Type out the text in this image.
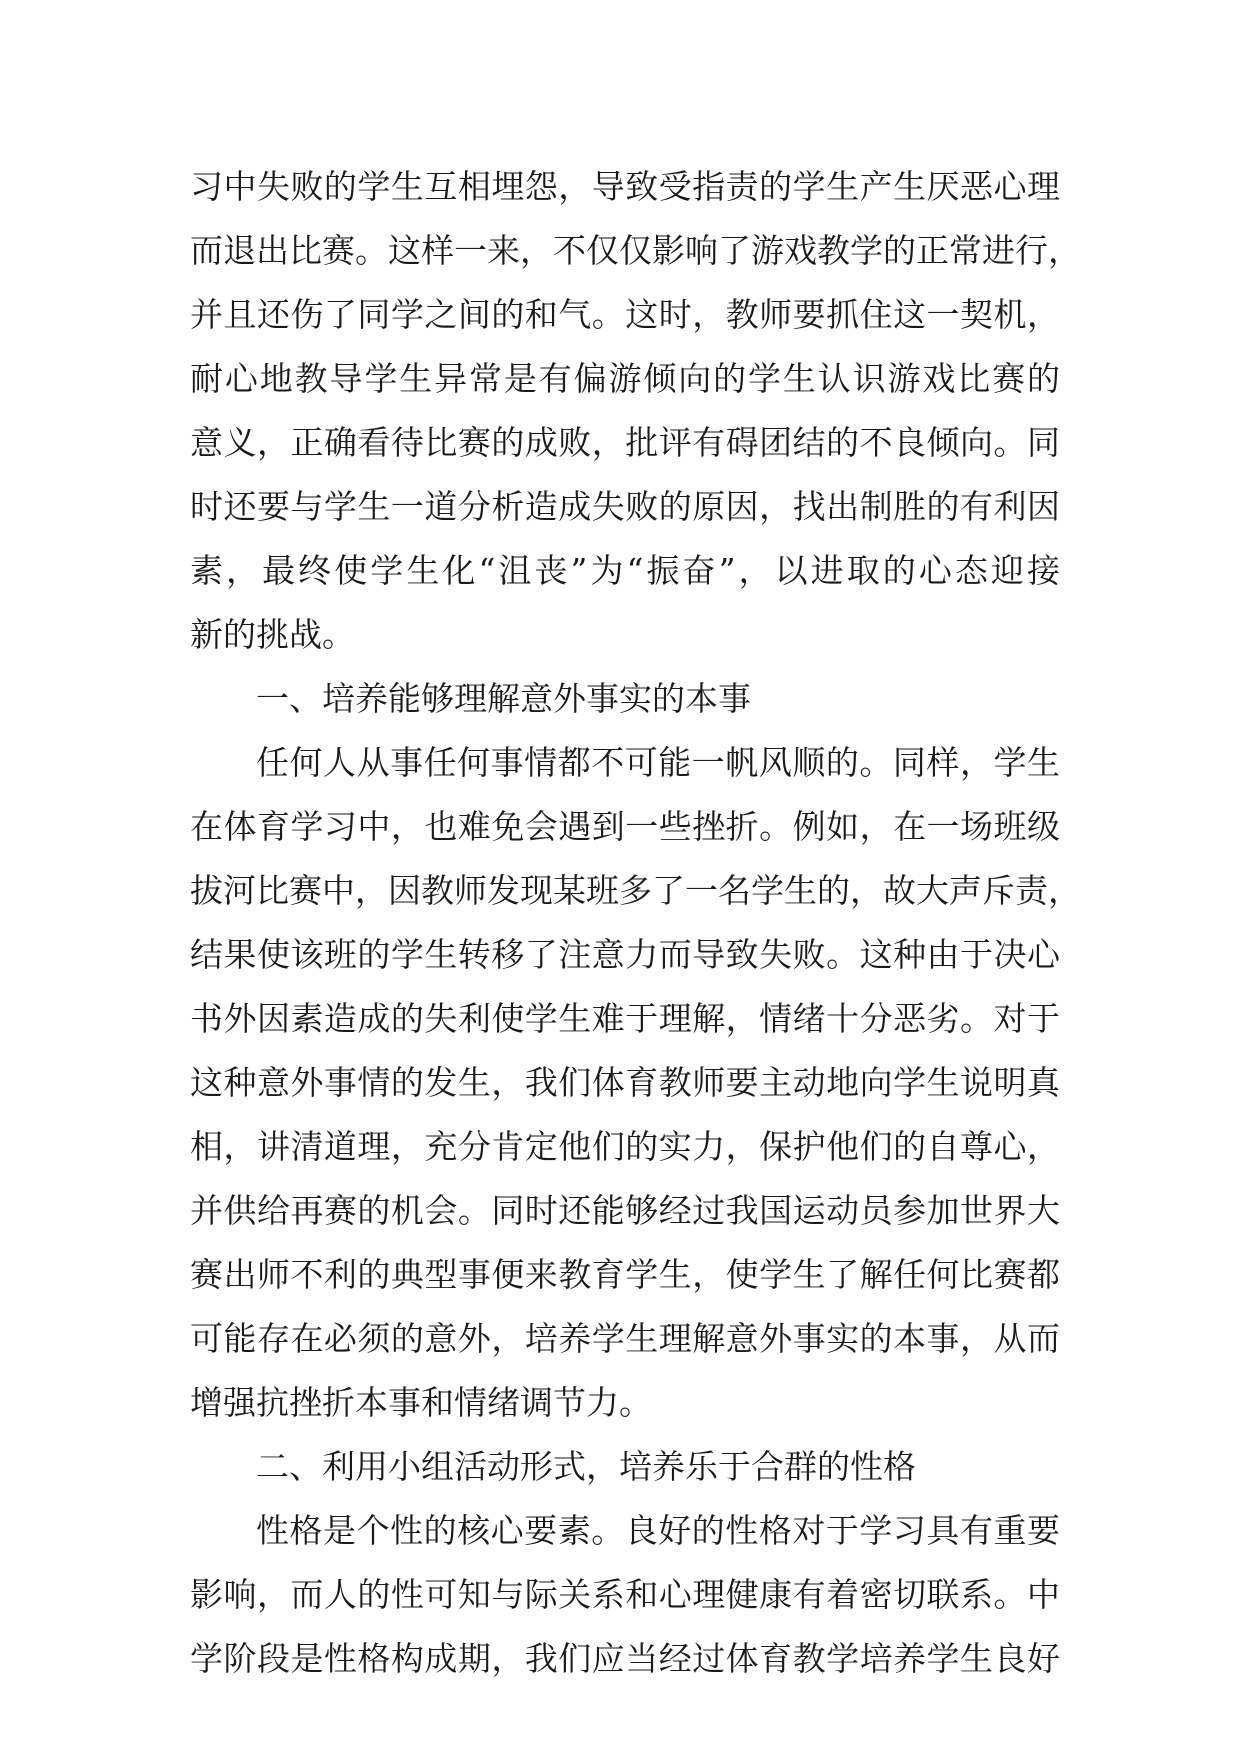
习中失败的学生互相埋怨，导致受指责的学生产生厌恶心理
而退出比赛。这样一来，不仅仅影响了游戏教学的正常进行，
并且还伤了同学之间的和气。这时，教师要抓住这一契机，
耐心地教导学生异常是有偏游倾向的学生认识游戏比赛的
意义，正确看待比赛的成败，批评有碍团结的不良倾向。同
时还要与学生一道分析造成失败的原因，找出制胜的有利因
素，最终使学生化“沮丧”为“振奋”，以进取的心态迎接
新的挑战。
一、培养能够理解意外事实的本事
任何人从事任何事情都不可能一帆风顺的。同样，学生
在体育学习中，也难免会遇到一些挫折。例如，在一场班级
拔河比赛中，因教师发现某班多了一名学生的，故大声斥责，
结果使该班的学生转移了注意力而导致失败。这种由于决心
书外因素造成的失利使学生难于理解，情绪十分恶劣。对于
这种意外事情的发生，我们体育教师要主动地向学生说明真
相，讲清道理，充分肯定他们的实力，保护他们的自尊心，
并供给再赛的机会。同时还能够经过我国运动员参加世界大
赛出师不利的典型事便来教育学生，使学生了解任何比赛都
可能存在必须的意外，培养学生理解意外事实的本事，从而
增强抗挫折本事和情绪调节力。
二、利用小组活动形式，培养乐于合群的性格
性格是个性的核心要素。良好的性格对于学习具有重要
影响，而人的性可知与际关系和心理健康有着密切联系。中
学阶段是性格构成期，我们应当经过体育教学培养学生良好
